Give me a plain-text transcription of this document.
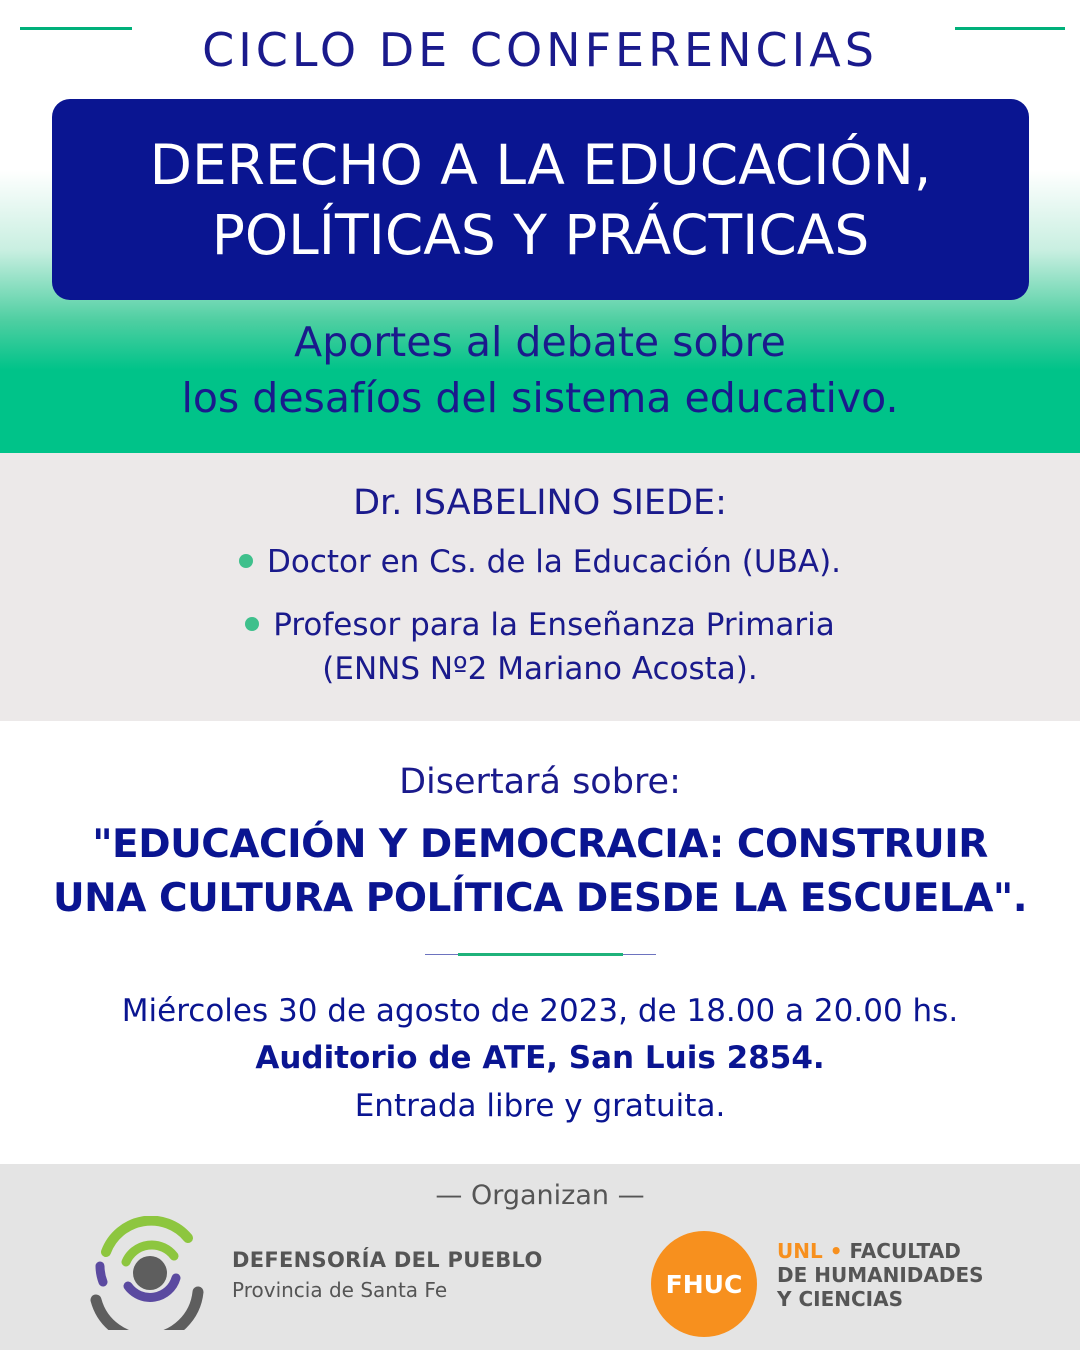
CICLO DE CONFERENCIAS
DERECHO A LA EDUCACIÓN,
POLÍTICAS Y PRÁCTICAS
Aportes al debate sobre
los desafíos del sistema educativo.
Dr. ISABELINO SIEDE:
Doctor en Cs. de la Educación (UBA).
Profesor para la Enseñanza Primaria
(ENNS Nº2 Mariano Acosta).
Disertará sobre:
"EDUCACIÓN Y DEMOCRACIA: CONSTRUIR
UNA CULTURA POLÍTICA DESDE LA ESCUELA".
Miércoles 30 de agosto de 2023, de 18.00 a 20.00 hs.
Auditorio de ATE, San Luis 2854.
Entrada libre y gratuita.
— Organizan —
DEFENSORÍA DEL PUEBLO
Provincia de Santa Fe	FHUC
UNL • FACULTAD
DE HUMANIDADES
Y CIENCIAS
